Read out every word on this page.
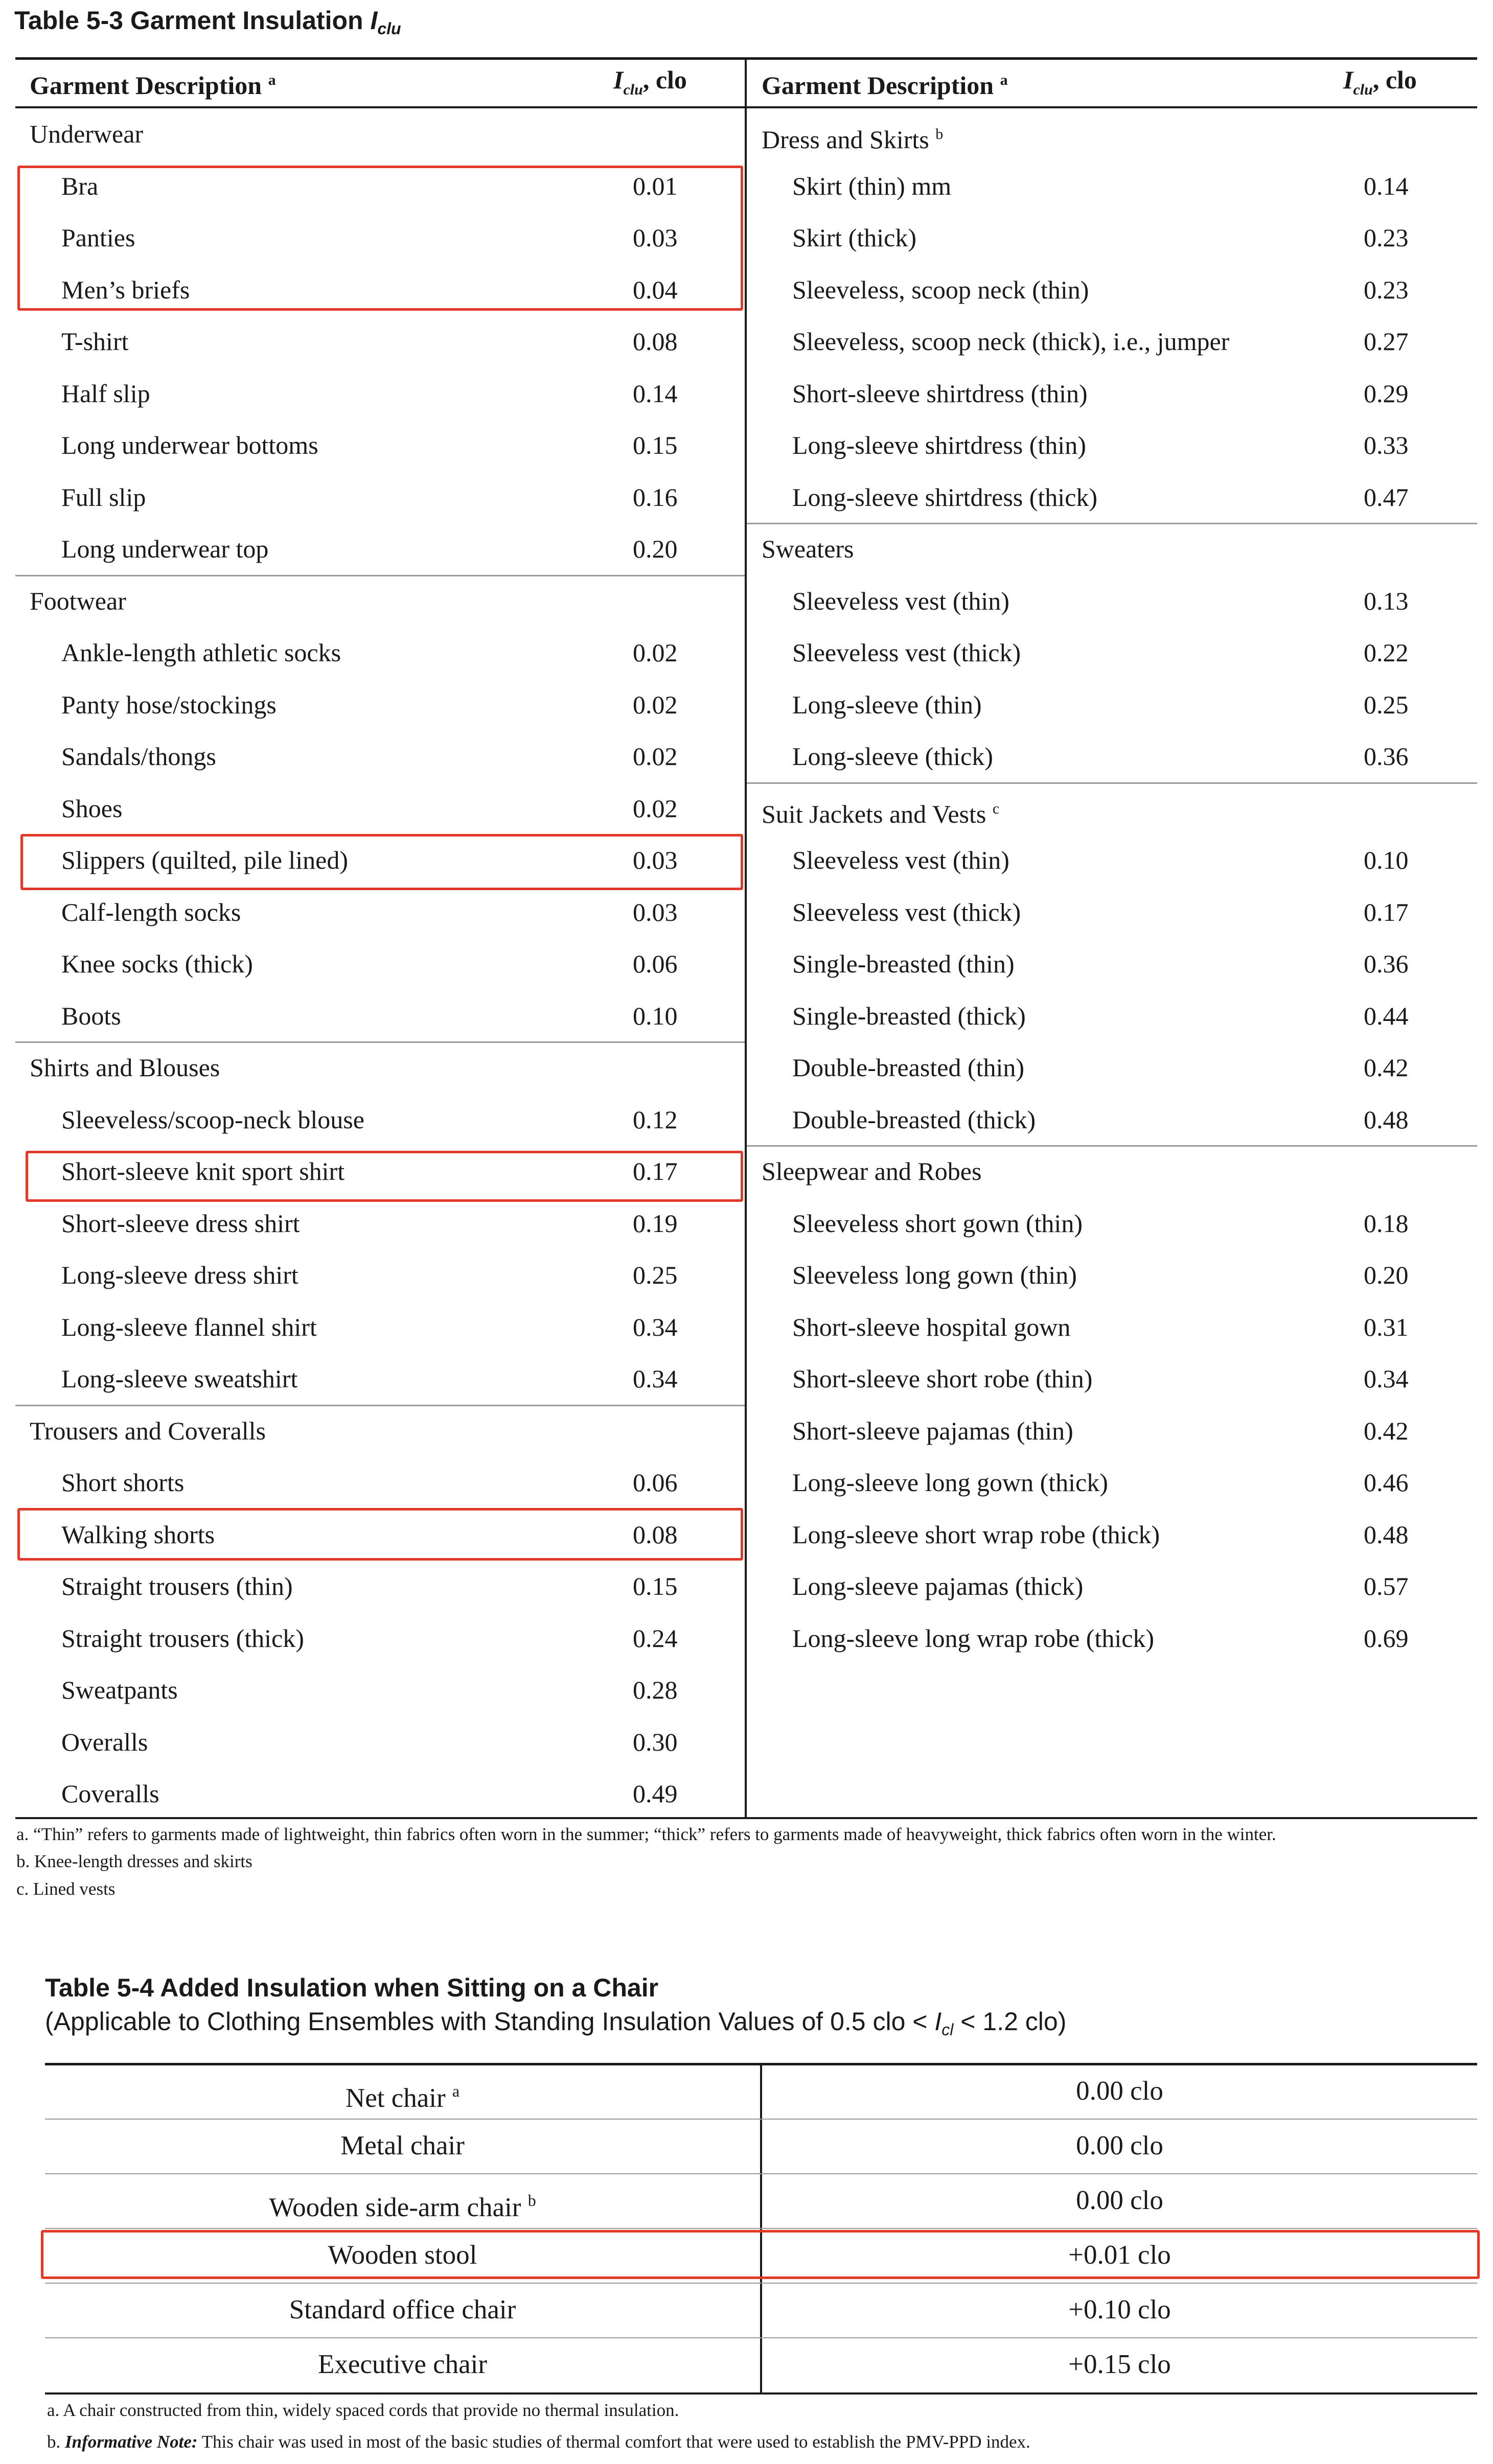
Table 5-3 Garment Insulation $I_{clu}$
Garment Description $^a$	$I_{clu}$, clo	Garment Description $^a$	$I_{clu}$, clo
Underwear
Bra	0.01
Panties	0.03
Men’s briefs	0.04
T-shirt	0.08
Half slip	0.14
Long underwear bottoms	0.15
Full slip	0.16
Long underwear top	0.20
Footwear
Ankle-length athletic socks	0.02
Panty hose/stockings	0.02
Sandals/thongs	0.02
Shoes	0.02
Slippers (quilted, pile lined)	0.03
Calf-length socks	0.03
Knee socks (thick)	0.06
Boots	0.10
Shirts and Blouses
Sleeveless/scoop-neck blouse	0.12
Short-sleeve knit sport shirt	0.17
Short-sleeve dress shirt	0.19
Long-sleeve dress shirt	0.25
Long-sleeve flannel shirt	0.34
Long-sleeve sweatshirt	0.34
Trousers and Coveralls
Short shorts	0.06
Walking shorts	0.08
Straight trousers (thin)	0.15
Straight trousers (thick)	0.24
Sweatpants	0.28
Overalls	0.30
Coveralls	0.49
Dress and Skirts $^b$
Skirt (thin) mm	0.14
Skirt (thick)	0.23
Sleeveless, scoop neck (thin)	0.23
Sleeveless, scoop neck (thick), i.e., jumper	0.27
Short-sleeve shirtdress (thin)	0.29
Long-sleeve shirtdress (thin)	0.33
Long-sleeve shirtdress (thick)	0.47
Sweaters
Sleeveless vest (thin)	0.13
Sleeveless vest (thick)	0.22
Long-sleeve (thin)	0.25
Long-sleeve (thick)	0.36
Suit Jackets and Vests $^c$
Sleeveless vest (thin)	0.10
Sleeveless vest (thick)	0.17
Single-breasted (thin)	0.36
Single-breasted (thick)	0.44
Double-breasted (thin)	0.42
Double-breasted (thick)	0.48
Sleepwear and Robes
Sleeveless short gown (thin)	0.18
Sleeveless long gown (thin)	0.20
Short-sleeve hospital gown	0.31
Short-sleeve short robe (thin)	0.34
Short-sleeve pajamas (thin)	0.42
Long-sleeve long gown (thick)	0.46
Long-sleeve short wrap robe (thick)	0.48
Long-sleeve pajamas (thick)	0.57
Long-sleeve long wrap robe (thick)	0.69
a. “Thin” refers to garments made of lightweight, thin fabrics often worn in the summer; “thick” refers to garments made of heavyweight, thick fabrics often worn in the winter.
b. Knee-length dresses and skirts
c. Lined vests
Table 5-4 Added Insulation when Sitting on a Chair
(Applicable to Clothing Ensembles with Standing Insulation Values of 0.5 clo < $I_{cl} < 1.2$ clo)
Net chair $^a$	0.00 clo
Metal chair	0.00 clo
Wooden side-arm chair $^b$	0.00 clo
Wooden stool	+0.01 clo
Standard office chair	+0.10 clo
Executive chair	+0.15 clo
a. A chair constructed from thin, widely spaced cords that provide no thermal insulation.
b. Informative Note: This chair was used in most of the basic studies of thermal comfort that were used to establish the PMV-PPD index.
